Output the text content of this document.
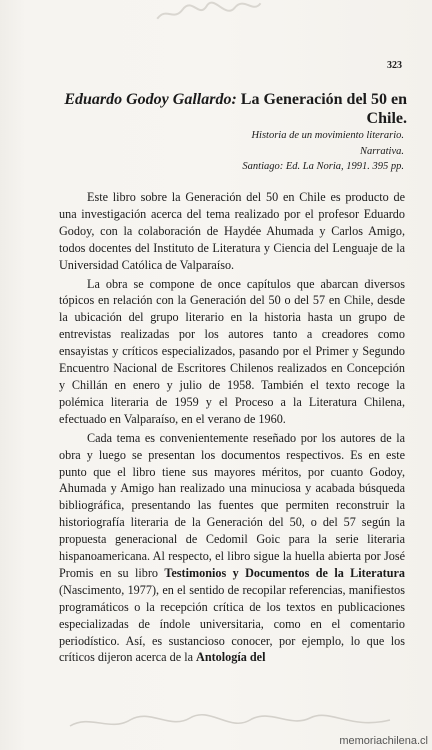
323
Eduardo Godoy Gallardo: La Generación del 50 en Chile.
Historia de un movimiento literario.
Narrativa.
Santiago: Ed. La Noria, 1991. 395 pp.

Este libro sobre la Generación del 50 en Chile es producto de una investigación acerca del tema realizado por el profesor Eduardo Godoy, con la colaboración de Haydée Ahumada y Carlos Amigo, todos docentes del Instituto de Literatura y Ciencia del Lenguaje de la Universidad Católica de Valparaíso.

La obra se compone de once capítulos que abarcan diversos tópicos en relación con la Generación del 50 o del 57 en Chile, desde la ubicación del grupo literario en la historia hasta un grupo de entrevistas realizadas por los autores tanto a creadores como ensayistas y críticos especializados, pasando por el Primer y Segundo Encuentro Nacional de Escritores Chilenos realizados en Concepción y Chillán en enero y julio de 1958. También el texto recoge la polémica literaria de 1959 y el Proceso a la Literatura Chilena, efectuado en Valparaíso, en el verano de 1960.

Cada tema es convenientemente reseñado por los autores de la obra y luego se presentan los documentos respectivos. Es en este punto que el libro tiene sus mayores méritos, por cuanto Godoy, Ahumada y Amigo han realizado una minuciosa y acabada búsqueda bibliográfica, presentando las fuentes que permiten reconstruir la historiografía literaria de la Generación del 50, o del 57 según la propuesta generacional de Cedomil Goic para la serie literaria hispanoamericana. Al respecto, el libro sigue la huella abierta por José Promis en su libro Testimonios y Documentos de la Literatura (Nascimento, 1977), en el sentido de recopilar referencias, manifiestos programáticos o la recepción crítica de los textos en publicaciones especializadas de índole universitaria, como en el comentario periodístico. Así, es sustancioso conocer, por ejemplo, lo que los críticos dijeron acerca de la Antología del

memoriachilena.cl
